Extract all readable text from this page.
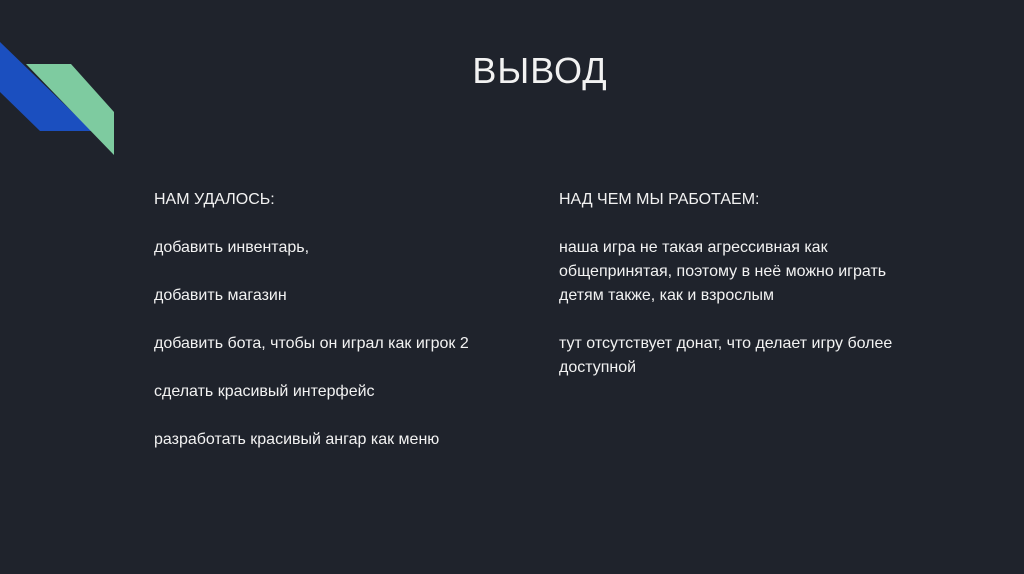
ВЫВОД

НАМ УДАЛОСЬ:

добавить инвентарь,

добавить магазин

добавить бота, чтобы он играл как игрок 2

сделать красивый интерфейс

разработать красивый ангар как меню

НАД ЧЕМ МЫ РАБОТАЕМ:

наша игра не такая агрессивная как общепринятая, поэтому в неё можно играть детям также, как и взрослым

тут отсутствует донат, что делает игру более доступной
